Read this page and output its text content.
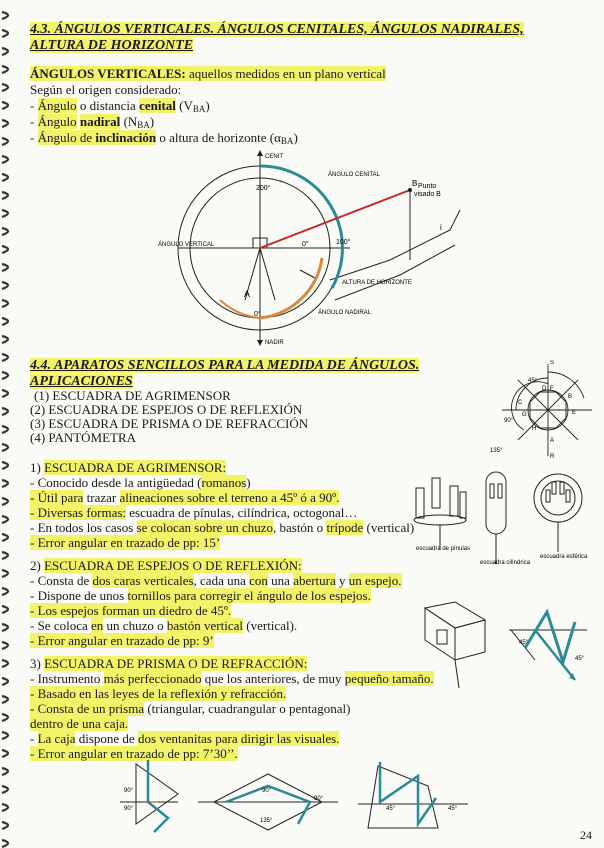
4.3. ÁNGULOS VERTICALES. ÁNGULOS CENITALES, ÁNGULOS NADIRALES, ALTURA DE HORIZONTE
ÁNGULOS VERTICALES: aquellos medidos en un plano vertical
Según el origen considerado:
- Ángulo o distancia cenital $(V_{BA})$
- Ángulo nadiral $(N_{BA})$
- Ángulo de inclinación o altura de horizonte $(\alpha_{BA})$
CENIT
NADIR
ÁNGULO CENITAL
Punto
visado B
ÁNGULO VERTICAL
ALTURA DE HORIZONTE
ÁNGULO NADIRAL
200°
0°	100°
0°
A
B
i
4.4. APARATOS SENCILLOS PARA LA MEDIDA DE ÁNGULOS. APLICACIONES
(1) ESCUADRA DE AGRIMENSOR
(2) ESCUADRA DE ESPEJOS O DE REFLEXIÓN
(3) ESCUADRA DE PRISMA O DE REFRACCIÓN
(4) PANTÓMETRA
45°
90°
135°
A
B
C
D
E
F
G
H
R
S
1) ESCUADRA DE AGRIMENSOR:
- Conocido desde la antigüedad (romanos)
- Útil para trazar alineaciones sobre el terreno a 45º ó a 90º.
- Diversas formas: escuadra de pínulas, cilíndrica, octogonal…
- En todos los casos se colocan sobre un chuzo, bastón o trípode (vertical)
- Error angular en trazado de pp: 15’	escuadra de pínulas
escuadra cilíndrica
escuadra esférica
2) ESCUADRA DE ESPEJOS O DE REFLEXIÓN:
- Consta de dos caras verticales, cada una con una abertura y un espejo.
- Dispone de unos tornillos para corregir el ángulo de los espejos.
- Los espejos forman un diedro de 45º.
- Se coloca en un chuzo o bastón vertical (vertical).
- Error angular en trazado de pp: 9’	45°
45°
3) ESCUADRA DE PRISMA O DE REFRACCIÓN:
- Instrumento más perfeccionado que los anteriores, de muy pequeño tamaño.
- Basado en las leyes de la reflexión y refracción.
- Consta de un prisma (triangular, cuadrangular o pentagonal)
dentro de una caja.
- La caja dispone de dos ventanitas para dirigir las visuales.
- Error angular en trazado de pp: 7’30’’.
90°
90°
90°
90°
135°
45°	45°
24
